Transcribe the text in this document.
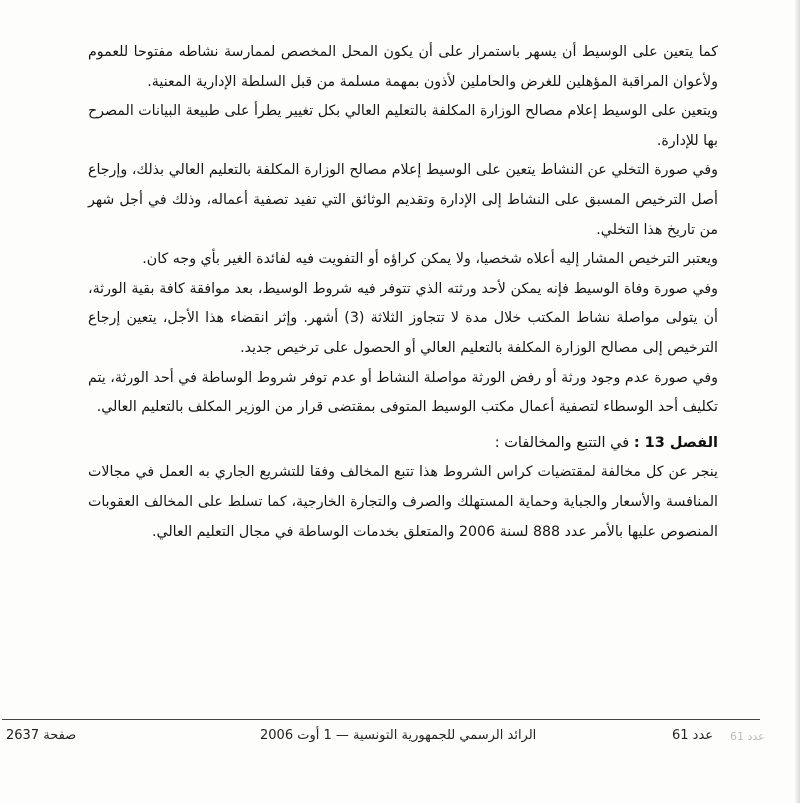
كما يتعين على الوسيط أن يسهر باستمرار على أن يكون المحل المخصص لممارسة نشاطه مفتوحا للعموم ولأعوان المراقبة المؤهلين للغرض والحاملين لأذون بمهمة مسلمة من قبل السلطة الإدارية المعنية.

ويتعين على الوسيط إعلام مصالح الوزارة المكلفة بالتعليم العالي بكل تغيير يطرأ على طبيعة البيانات المصرح بها للإدارة.

وفي صورة التخلي عن النشاط يتعين على الوسيط إعلام مصالح الوزارة المكلفة بالتعليم العالي بذلك، وإرجاع أصل الترخيص المسبق على النشاط إلى الإدارة وتقديم الوثائق التي تفيد تصفية أعماله، وذلك في أجل شهر من تاريخ هذا التخلي.

ويعتبر الترخيص المشار إليه أعلاه شخصيا، ولا يمكن كراؤه أو التفويت فيه لفائدة الغير بأي وجه كان.

وفي صورة وفاة الوسيط فإنه يمكن لأحد ورثته الذي تتوفر فيه شروط الوسيط، بعد موافقة كافة بقية الورثة، أن يتولى مواصلة نشاط المكتب خلال مدة لا تتجاوز الثلاثة (3) أشهر. وإثر انقضاء هذا الأجل، يتعين إرجاع الترخيص إلى مصالح الوزارة المكلفة بالتعليم العالي أو الحصول على ترخيص جديد.

وفي صورة عدم وجود ورثة أو رفض الورثة مواصلة النشاط أو عدم توفر شروط الوساطة في أحد الورثة، يتم تكليف أحد الوسطاء لتصفية أعمال مكتب الوسيط المتوفى بمقتضى قرار من الوزير المكلف بالتعليم العالي.

الفصل 13 : في التتبع والمخالفات :

ينجر عن كل مخالفة لمقتضيات كراس الشروط هذا تتبع المخالف وفقا للتشريع الجاري به العمل في مجالات المنافسة والأسعار والجباية وحماية المستهلك والصرف والتجارة الخارجية، كما تسلط على المخالف العقوبات المنصوص عليها بالأمر عدد 888 لسنة 2006 والمتعلق بخدمات الوساطة في مجال التعليم العالي.

صفحة 2637	الرائد الرسمي للجمهورية التونسية — 1 أوت 2006	عدد 61 عدد 61
